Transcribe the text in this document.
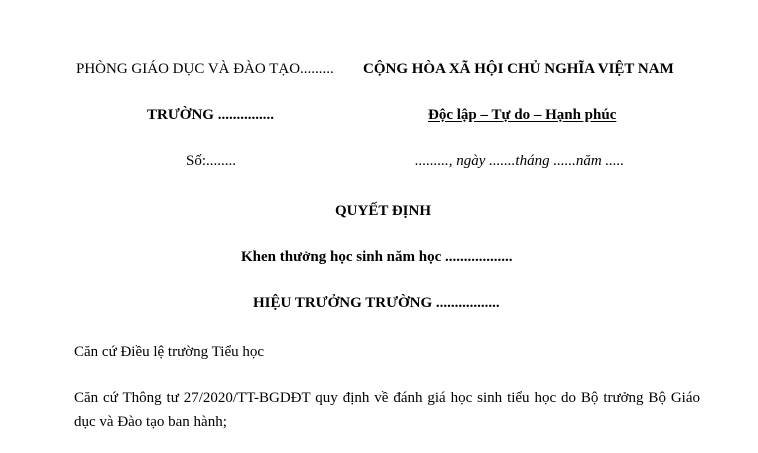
PHÒNG GIÁO DỤC VÀ ĐÀO TẠO......... CỘNG HÒA XÃ HỘI CHỦ NGHĨA VIỆT NAM
TRƯỜNG ...............	Độc lập – Tự do – Hạnh phúc
Số:........	........., ngày .......tháng ......năm .....
QUYẾT ĐỊNH
Khen thưởng học sinh năm học ..................
HIỆU TRƯỞNG TRƯỜNG .................
Căn cứ Điều lệ trường Tiểu học
Căn cứ Thông tư 27/2020/TT-BGDĐT quy định về đánh giá học sinh tiểu học do Bộ trưởng Bộ Giáo dục và Đào tạo ban hành;
